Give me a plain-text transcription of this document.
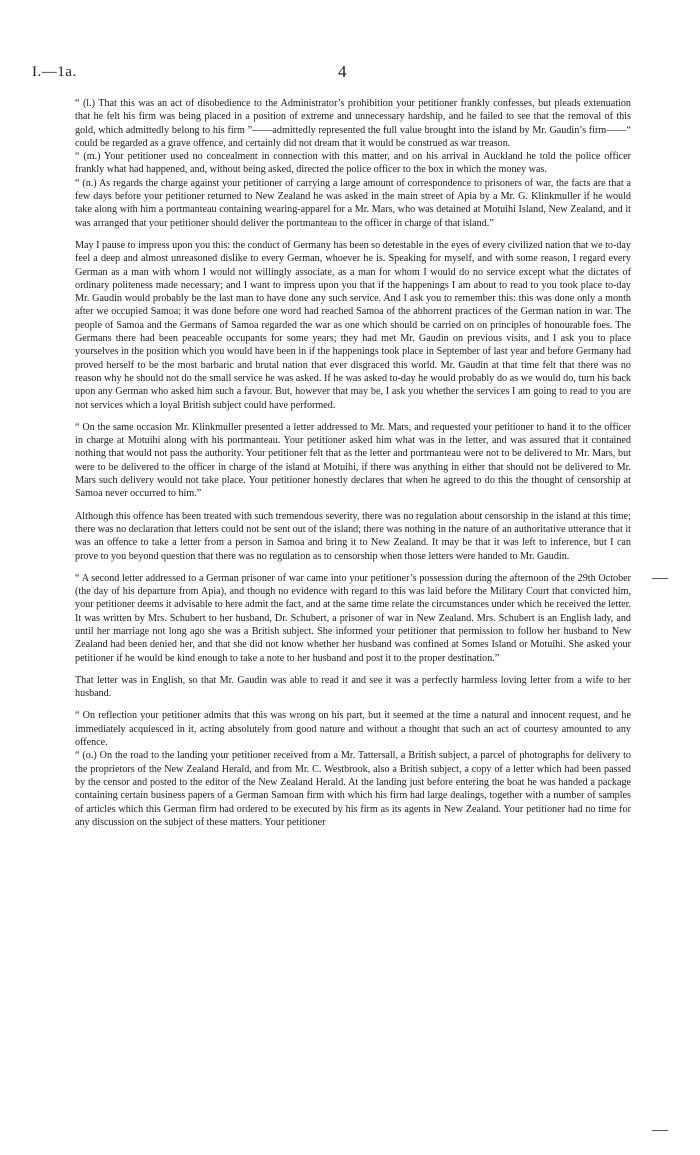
I.—1a.	4

“ (l.) That this was an act of disobedience to the Administrator’s prohibition your petitioner frankly confesses, but pleads extenuation that he felt his firm was being placed in a position of extreme and unnecessary hardship, and he failed to see that the removal of this gold, which admittedly belong to his firm ”——admittedly represented the full value brought into the island by Mr. Gaudin’s firm——“ could be regarded as a grave offence, and certainly did not dream that it would be construed as war treason.

“ (m.) Your petitioner used no concealment in connection with this matter, and on his arrival in Auckland he told the police officer frankly what had happened, and, without being asked, directed the police officer to the box in which the money was.

“ (n.) As regards the charge against your petitioner of carrying a large amount of correspondence to prisoners of war, the facts are that a few days before your petitioner returned to New Zealand he was asked in the main street of Apia by a Mr. G. Klinkmuller if he would take along with him a portmanteau containing wearing-apparel for a Mr. Mars, who was detained at Motuihi Island, New Zealand, and it was arranged that your petitioner should deliver the portmanteau to the officer in charge of that island.”

May I pause to impress upon you this: the conduct of Germany has been so detestable in the eyes of every civilized nation that we to-day feel a deep and almost unreasoned dislike to every German, whoever he is. Speaking for myself, and with some reason, I regard every German as a man with whom I would not willingly associate, as a man for whom I would do no service except what the dictates of ordinary politeness made necessary; and I want to impress upon you that if the happenings I am about to read to you took place to-day Mr. Gaudin would probably be the last man to have done any such service. And I ask you to remember this: this was done only a month after we occupied Samoa; it was done before one word had reached Samoa of the abhorrent practices of the German nation in war. The people of Samoa and the Germans of Samoa regarded the war as one which should be carried on on principles of honourable foes. The Germans there had been peaceable occupants for some years; they had met Mr. Gaudin on previous visits, and I ask you to place yourselves in the position which you would have been in if the happenings took place in September of last year and before Germany had proved herself to be the most barbaric and brutal nation that ever disgraced this world. Mr. Gaudin at that time felt that there was no reason why he should not do the small service he was asked. If he was asked to-day he would probably do as we would do, turn his back upon any German who asked him such a favour. But, however that may be, I ask you whether the services I am going to read to you are not services which a loyal British subject could have performed.

“ On the same occasion Mr. Klinkmuller presented a letter addressed to Mr. Mars, and requested your petitioner to hand it to the officer in charge at Motuihi along with his portmanteau. Your petitioner asked him what was in the letter, and was assured that it contained nothing that would not pass the authority. Your petitioner felt that as the letter and portmanteau were not to be delivered to Mr. Mars, but were to be delivered to the officer in charge of the island at Motuihi, if there was anything in either that should not be delivered to Mr. Mars such delivery would not take place. Your petitioner honestly declares that when he agreed to do this the thought of censorship at Samoa never occurred to him.”

Although this offence has been treated with such tremendous severity, there was no regulation about censorship in the island at this time; there was no declaration that letters could not be sent out of the island; there was nothing in the nature of an authoritative utterance that it was an offence to take a letter from a person in Samoa and bring it to New Zealand. It may be that it was left to inference, but I can prove to you beyond question that there was no regulation as to censorship when those letters were handed to Mr. Gaudin.

“ A second letter addressed to a German prisoner of war came into your petitioner’s possession during the afternoon of the 29th October (the day of his departure from Apia), and though no evidence with regard to this was laid before the Military Court that convicted him, your petitioner deems it advisable to here admit the fact, and at the same time relate the circumstances under which he received the letter. It was written by Mrs. Schubert to her husband, Dr. Schubert, a prisoner of war in New Zealand. Mrs. Schubert is an English lady, and until her marriage not long ago she was a British subject. She informed your petitioner that permission to follow her husband to New Zealand had been denied her, and that she did not know whether her husband was confined at Somes Island or Motuihi. She asked your petitioner if he would be kind enough to take a note to her husband and post it to the proper destination.”

That letter was in English, so that Mr. Gaudin was able to read it and see it was a perfectly harmless loving letter from a wife to her husband.

“ On reflection your petitioner admits that this was wrong on his part, but it seemed at the time a natural and innocent request, and he immediately acquiesced in it, acting absolutely from good nature and without a thought that such an act of courtesy amounted to any offence.

“ (o.) On the road to the landing your petitioner received from a Mr. Tattersall, a British subject, a parcel of photographs for delivery to the proprietors of the New Zealand Herald, and from Mr. C. Westbrook, also a British subject, a copy of a letter which had been passed by the censor and posted to the editor of the New Zealand Herald. At the landing just before entering the boat he was handed a package containing certain business papers of a German Samoan firm with which his firm had large dealings, together with a number of samples of articles which this German firm had ordered to be executed by his firm as its agents in New Zealand. Your petitioner had no time for any discussion on the subject of these matters. Your petitioner
